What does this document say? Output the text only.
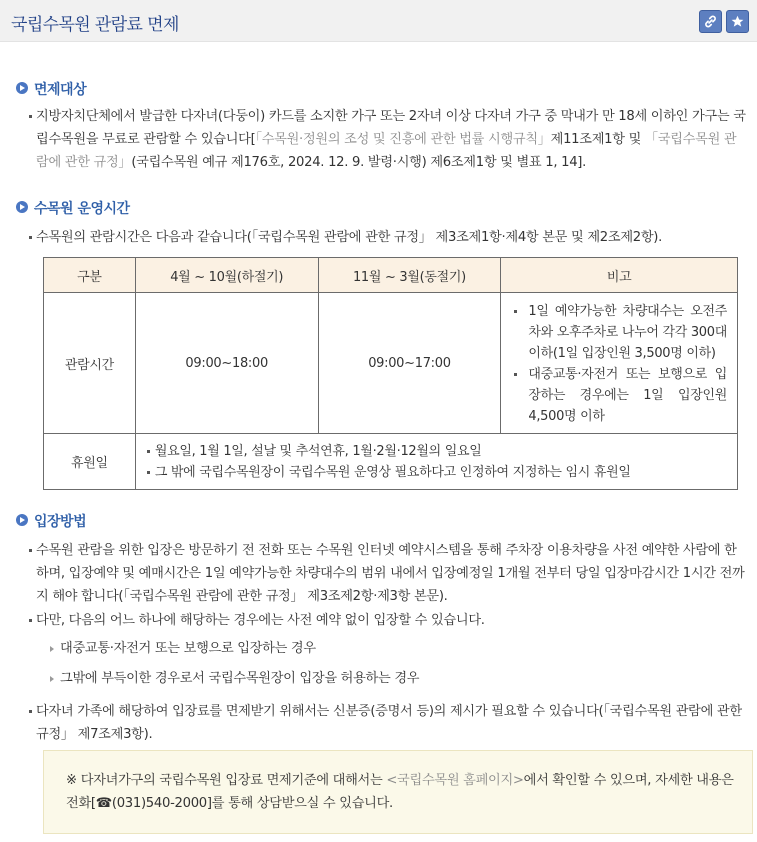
국립수목원 관람료 면제
면제대상
지방자치단체에서 발급한 다자녀(다둥이) 카드를 소지한 가구 또는 2자녀 이상 다자녀 가구 중 막내가 만 18세 이하인 가구는 국립수목원을 무료로 관람할 수 있습니다[「수목원·정원의 조성 및 진흥에 관한 법률 시행규칙」제11조제1항 및 「국립수목원 관람에 관한 규정」(국립수목원 예규 제176호, 2024. 12. 9. 발령·시행) 제6조제1항 및 별표 1, 14].
수목원 운영시간
수목원의 관람시간은 다음과 같습니다(「국립수목원 관람에 관한 규정」 제3조제1항·제4항 본문 및 제2조제2항).
구분	4월 ~ 10월(하절기)	11월 ~ 3월(동절기)	비고
관람시간	09:00~18:00	09:00~17:00	1일 예약가능한 차량대수는 오전주차와 오후주차로 나누어 각각 300대 이하(1일 입장인원 3,500명 이하)
대중교통·자전거 또는 보행으로 입장하는 경우에는 1일 입장인원 4,500명 이하

휴원일	월요일, 1월 1일, 설날 및 추석연휴, 1월·2월·12월의 일요일
그 밖에 국립수목원장이 국립수목원 운영상 필요하다고 인정하여 지정하는 임시 휴원일		
입장방법
수목원 관람을 위한 입장은 방문하기 전 전화 또는 수목원 인터넷 예약시스템을 통해 주차장 이용차량을 사전 예약한 사람에 한하며, 입장예약 및 예매시간은 1일 예약가능한 차량대수의 범위 내에서 입장예정일 1개월 전부터 당일 입장마감시간 1시간 전까지 해야 합니다(「국립수목원 관람에 관한 규정」 제3조제2항·제3항 본문).
다만, 다음의 어느 하나에 해당하는 경우에는 사전 예약 없이 입장할 수 있습니다.
대중교통·자전거 또는 보행으로 입장하는 경우
그밖에 부득이한 경우로서 국립수목원장이 입장을 허용하는 경우
다자녀 가족에 해당하여 입장료를 면제받기 위해서는 신분증(증명서 등)의 제시가 필요할 수 있습니다(「국립수목원 관람에 관한 규정」 제7조제3항).
※ 다자녀가구의 국립수목원 입장료 면제기준에 대해서는 <국립수목원 홈페이지>에서 확인할 수 있으며, 자세한 내용은 전화[☎(031)540-2000]를 통해 상담받으실 수 있습니다.
